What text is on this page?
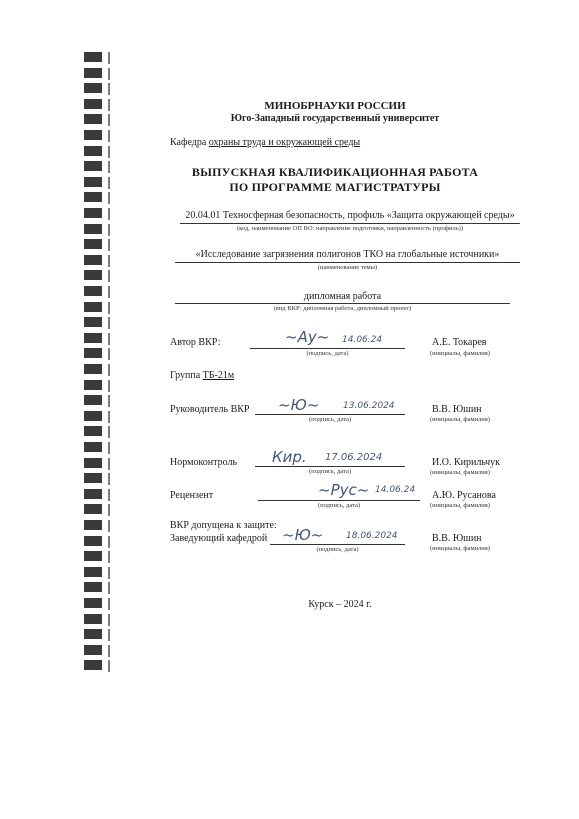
МИНОБРНАУКИ РОССИИ
Юго-Западный государственный университет
Кафедра охраны труда и окружающей среды
ВЫПУСКНАЯ КВАЛИФИКАЦИОННАЯ РАБОТА
ПО ПРОГРАММЕ МАГИСТРАТУРЫ
20.04.01 Техносферная безопасность, профиль «Защита окружающей среды»
(код, наименование ОП ВО: направление подготовки, направленность (профиль))
«Исследование загрязнения полигонов ТКО на глобальные источники»
(наименование темы)
дипломная работа
(вид ВКР: дипломная работа, дипломный проект)
Автор ВКР:	~Ау~ 14.06.24
(подпись, дата)
А.Е. Токарев
(инициалы, фамилия)
Группа ТБ-21м
Руководитель ВКР ~Ю~	13.06.2024
(подпись, дата)
В.В. Юшин
(инициалы, фамилия)
Нормоконтроль Кир. 17.06.2024
(подпись, дата)
И.О. Кирильчук
(инициалы, фамилия)
Рецензент	~Рус~ 14.06.24
(подпись, дата)
А.Ю. Русанова
(инициалы, фамилия)
ВКР допущена к защите:
Заведующий кафедрой ~Ю~	18.06.2024
(подпись, дата)
В.В. Юшин
(инициалы, фамилия)
Курск – 2024 г.
